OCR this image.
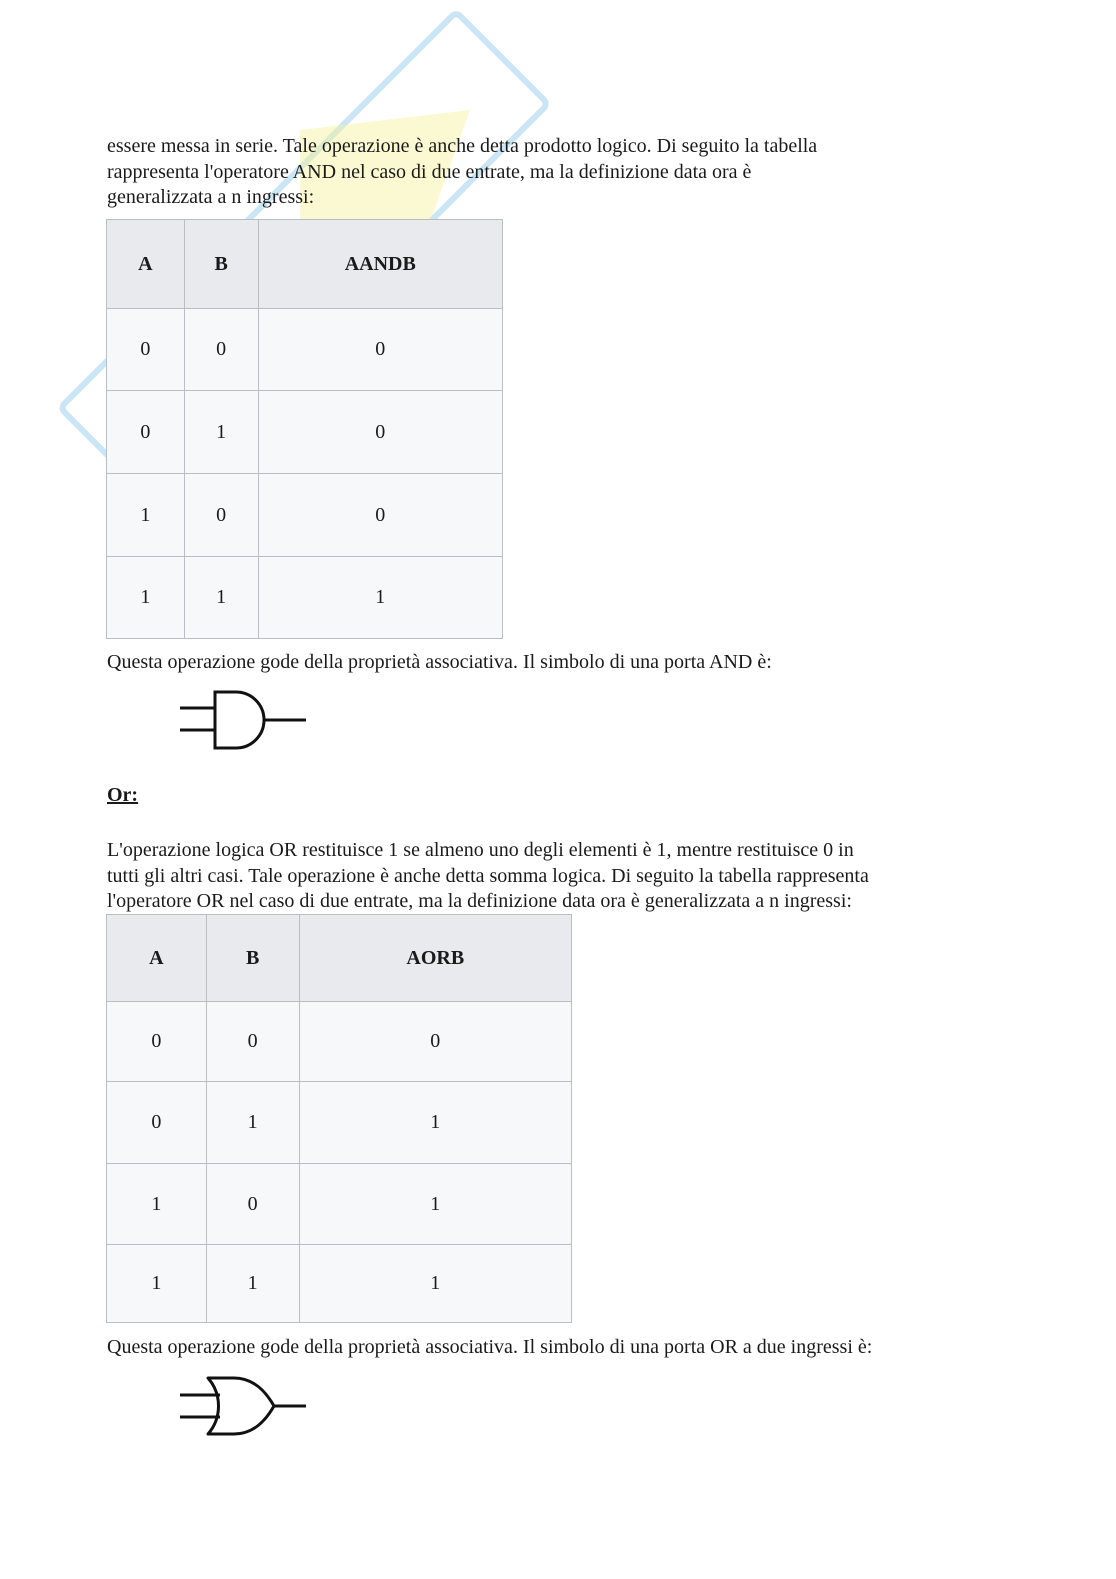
essere messa in serie. Tale operazione è anche detta prodotto logico. Di seguito la tabella

rappresenta l'operatore AND nel caso di due entrate, ma la definizione data ora è

generalizzata a n ingressi:

A	B	AANDB
0	0	0
0	1	0
1	0	0
1	1	1

Questa operazione gode della proprietà associativa. Il simbolo di una porta AND è:

Or:

L'operazione logica OR restituisce 1 se almeno uno degli elementi è 1, mentre restituisce 0 in

tutti gli altri casi. Tale operazione è anche detta somma logica. Di seguito la tabella rappresenta

l'operatore OR nel caso di due entrate, ma la definizione data ora è generalizzata a n ingressi:

A	B	AORB
0	0	0
0	1	1
1	0	1
1	1	1

Questa operazione gode della proprietà associativa. Il simbolo di una porta OR a due ingressi è:
